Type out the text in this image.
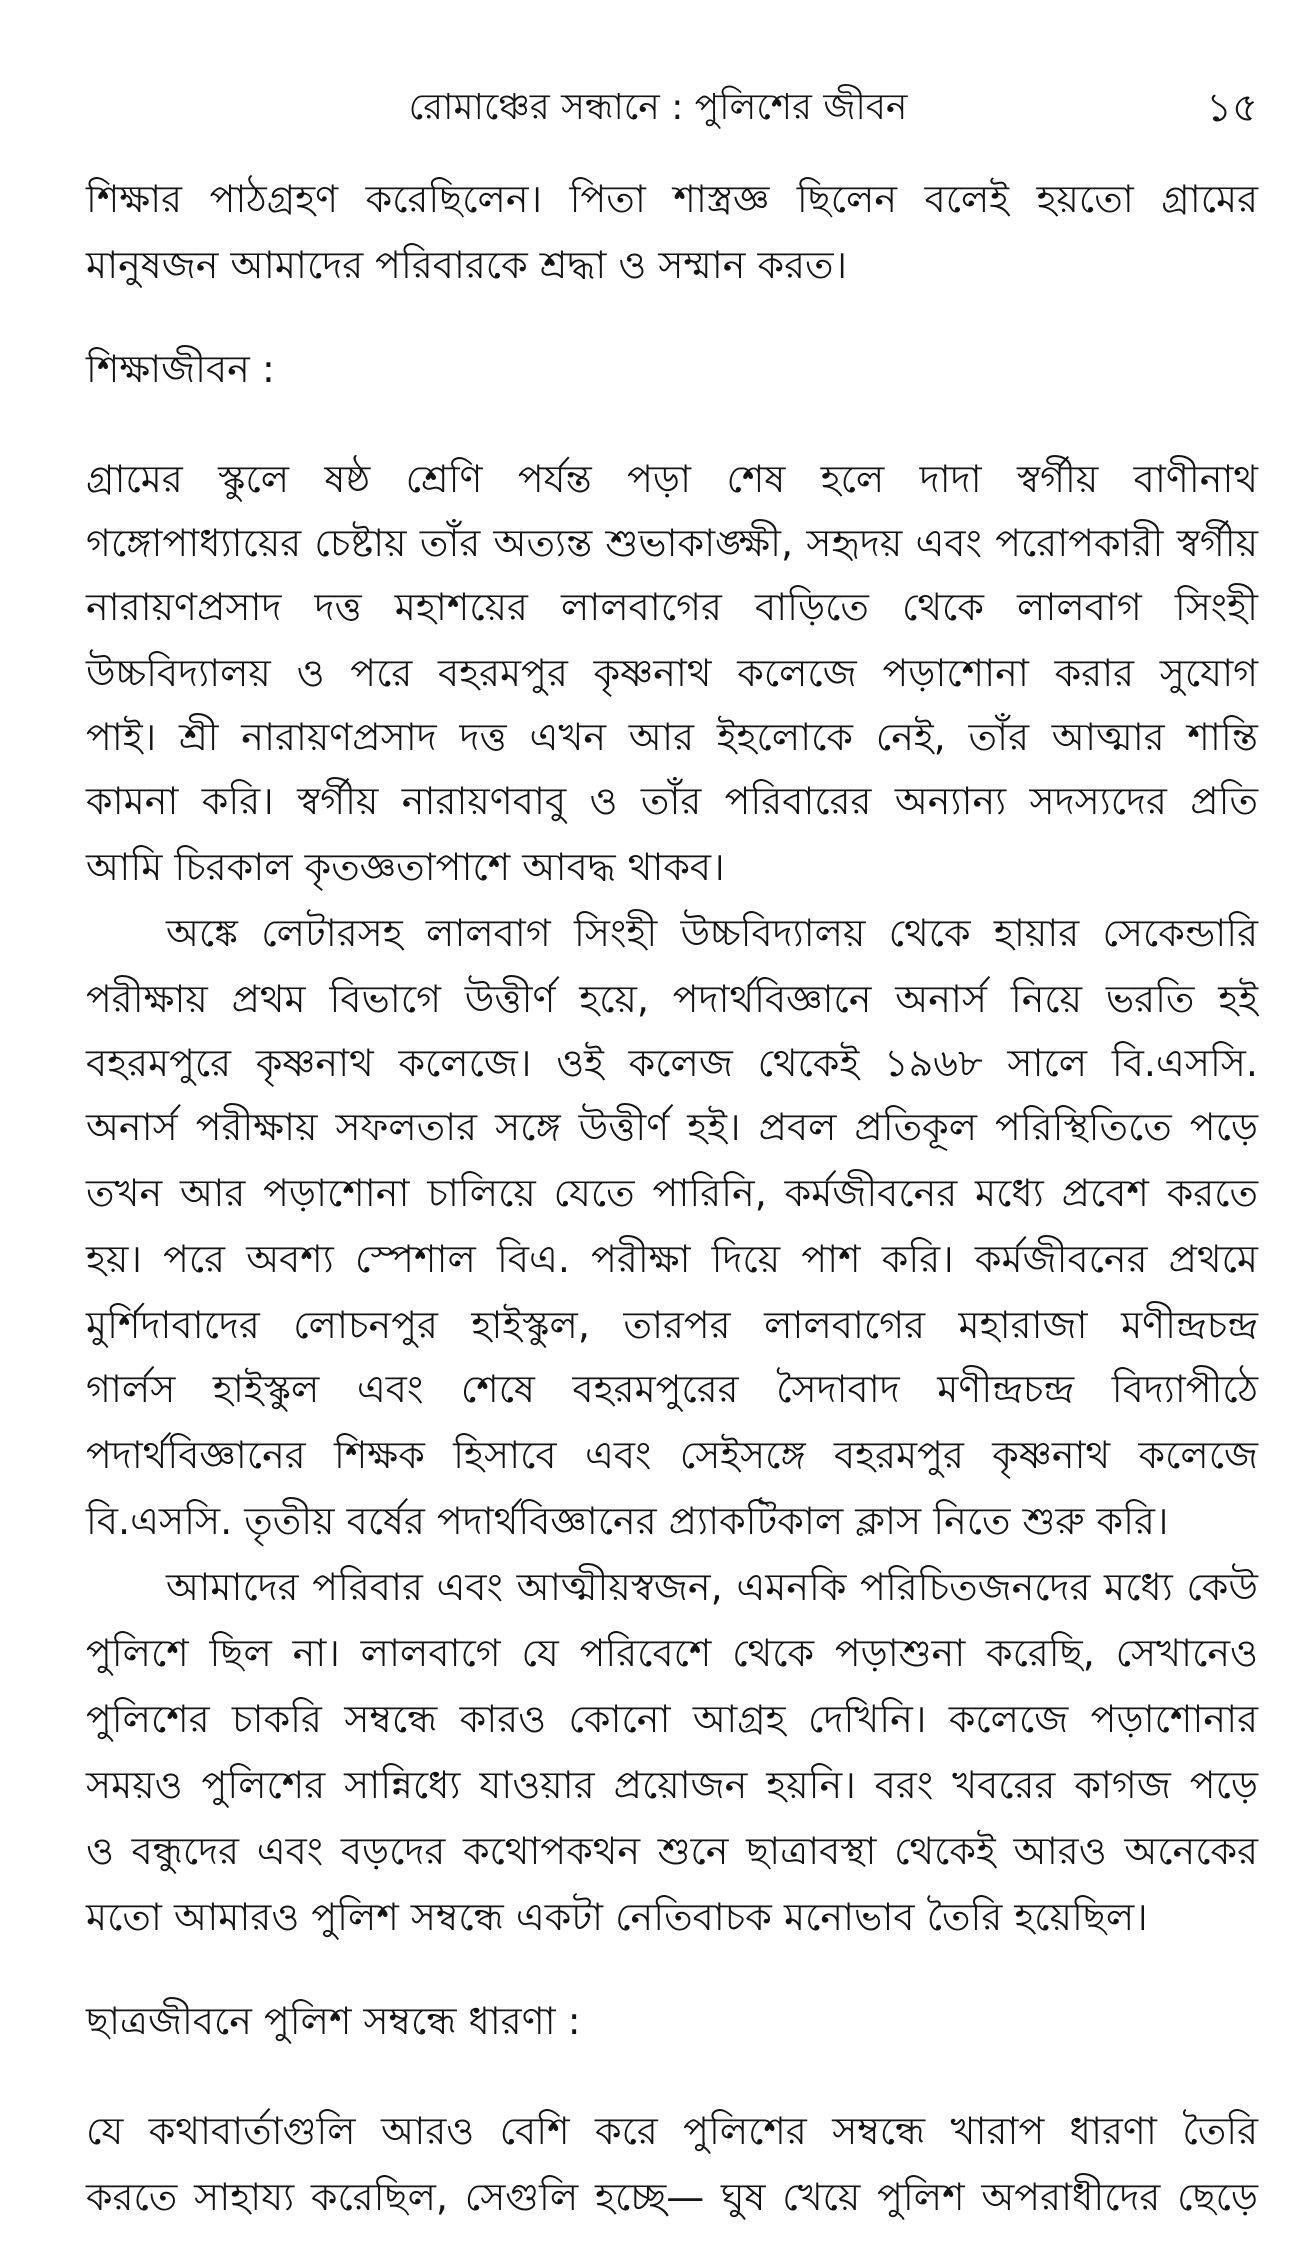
রোমাঞ্চের সন্ধানে : পুলিশের জীবন	১৫
শিক্ষার পাঠগ্রহণ করেছিলেন। পিতা শাস্ত্রজ্ঞ ছিলেন বলেই হয়তো গ্রামের
মানুষজন আমাদের পরিবারকে শ্রদ্ধা ও সম্মান করত।
শিক্ষাজীবন :
গ্রামের স্কুলে ষষ্ঠ শ্রেণি পর্যন্ত পড়া শেষ হলে দাদা স্বর্গীয় বাণীনাথ
গঙ্গোপাধ্যায়ের চেষ্টায় তাঁর অত্যন্ত শুভাকাঙ্ক্ষী, সহৃদয় এবং পরোপকারী স্বর্গীয়
নারায়ণপ্রসাদ দত্ত মহাশয়ের লালবাগের বাড়িতে থেকে লালবাগ সিংহী
উচ্চবিদ্যালয় ও পরে বহরমপুর কৃষ্ণনাথ কলেজে পড়াশোনা করার সুযোগ
পাই। শ্রী নারায়ণপ্রসাদ দত্ত এখন আর ইহলোকে নেই, তাঁর আত্মার শান্তি
কামনা করি। স্বর্গীয় নারায়ণবাবু ও তাঁর পরিবারের অন্যান্য সদস্যদের প্রতি
আমি চিরকাল কৃতজ্ঞতাপাশে আবদ্ধ থাকব।
অঙ্কে লেটারসহ লালবাগ সিংহী উচ্চবিদ্যালয় থেকে হায়ার সেকেন্ডারি
পরীক্ষায় প্রথম বিভাগে উত্তীর্ণ হয়ে, পদার্থবিজ্ঞানে অনার্স নিয়ে ভরতি হই
বহরমপুরে কৃষ্ণনাথ কলেজে। ওই কলেজ থেকেই ১৯৬৮ সালে বি.এসসি.
অনার্স পরীক্ষায় সফলতার সঙ্গে উত্তীর্ণ হই। প্রবল প্রতিকূল পরিস্থিতিতে পড়ে
তখন আর পড়াশোনা চালিয়ে যেতে পারিনি, কর্মজীবনের মধ্যে প্রবেশ করতে
হয়। পরে অবশ্য স্পেশাল বিএ. পরীক্ষা দিয়ে পাশ করি। কর্মজীবনের প্রথমে
মুর্শিদাবাদের লোচনপুর হাইস্কুল, তারপর লালবাগের মহারাজা মণীন্দ্রচন্দ্র
গার্লস হাইস্কুল এবং শেষে বহরমপুরের সৈদাবাদ মণীন্দ্রচন্দ্র বিদ্যাপীঠে
পদার্থবিজ্ঞানের শিক্ষক হিসাবে এবং সেইসঙ্গে বহরমপুর কৃষ্ণনাথ কলেজে
বি.এসসি. তৃতীয় বর্ষের পদার্থবিজ্ঞানের প্র্যাকটিকাল ক্লাস নিতে শুরু করি।
আমাদের পরিবার এবং আত্মীয়স্বজন, এমনকি পরিচিতজনদের মধ্যে কেউ
পুলিশে ছিল না। লালবাগে যে পরিবেশে থেকে পড়াশুনা করেছি, সেখানেও
পুলিশের চাকরি সম্বন্ধে কারও কোনো আগ্রহ দেখিনি। কলেজে পড়াশোনার
সময়ও পুলিশের সান্নিধ্যে যাওয়ার প্রয়োজন হয়নি। বরং খবরের কাগজ পড়ে
ও বন্ধুদের এবং বড়দের কথোপকথন শুনে ছাত্রাবস্থা থেকেই আরও অনেকের
মতো আমারও পুলিশ সম্বন্ধে একটা নেতিবাচক মনোভাব তৈরি হয়েছিল।
ছাত্রজীবনে পুলিশ সম্বন্ধে ধারণা :
যে কথাবার্তাগুলি আরও বেশি করে পুলিশের সম্বন্ধে খারাপ ধারণা তৈরি
করতে সাহায্য করেছিল, সেগুলি হচ্ছে— ঘুষ খেয়ে পুলিশ অপরাধীদের ছেড়ে
